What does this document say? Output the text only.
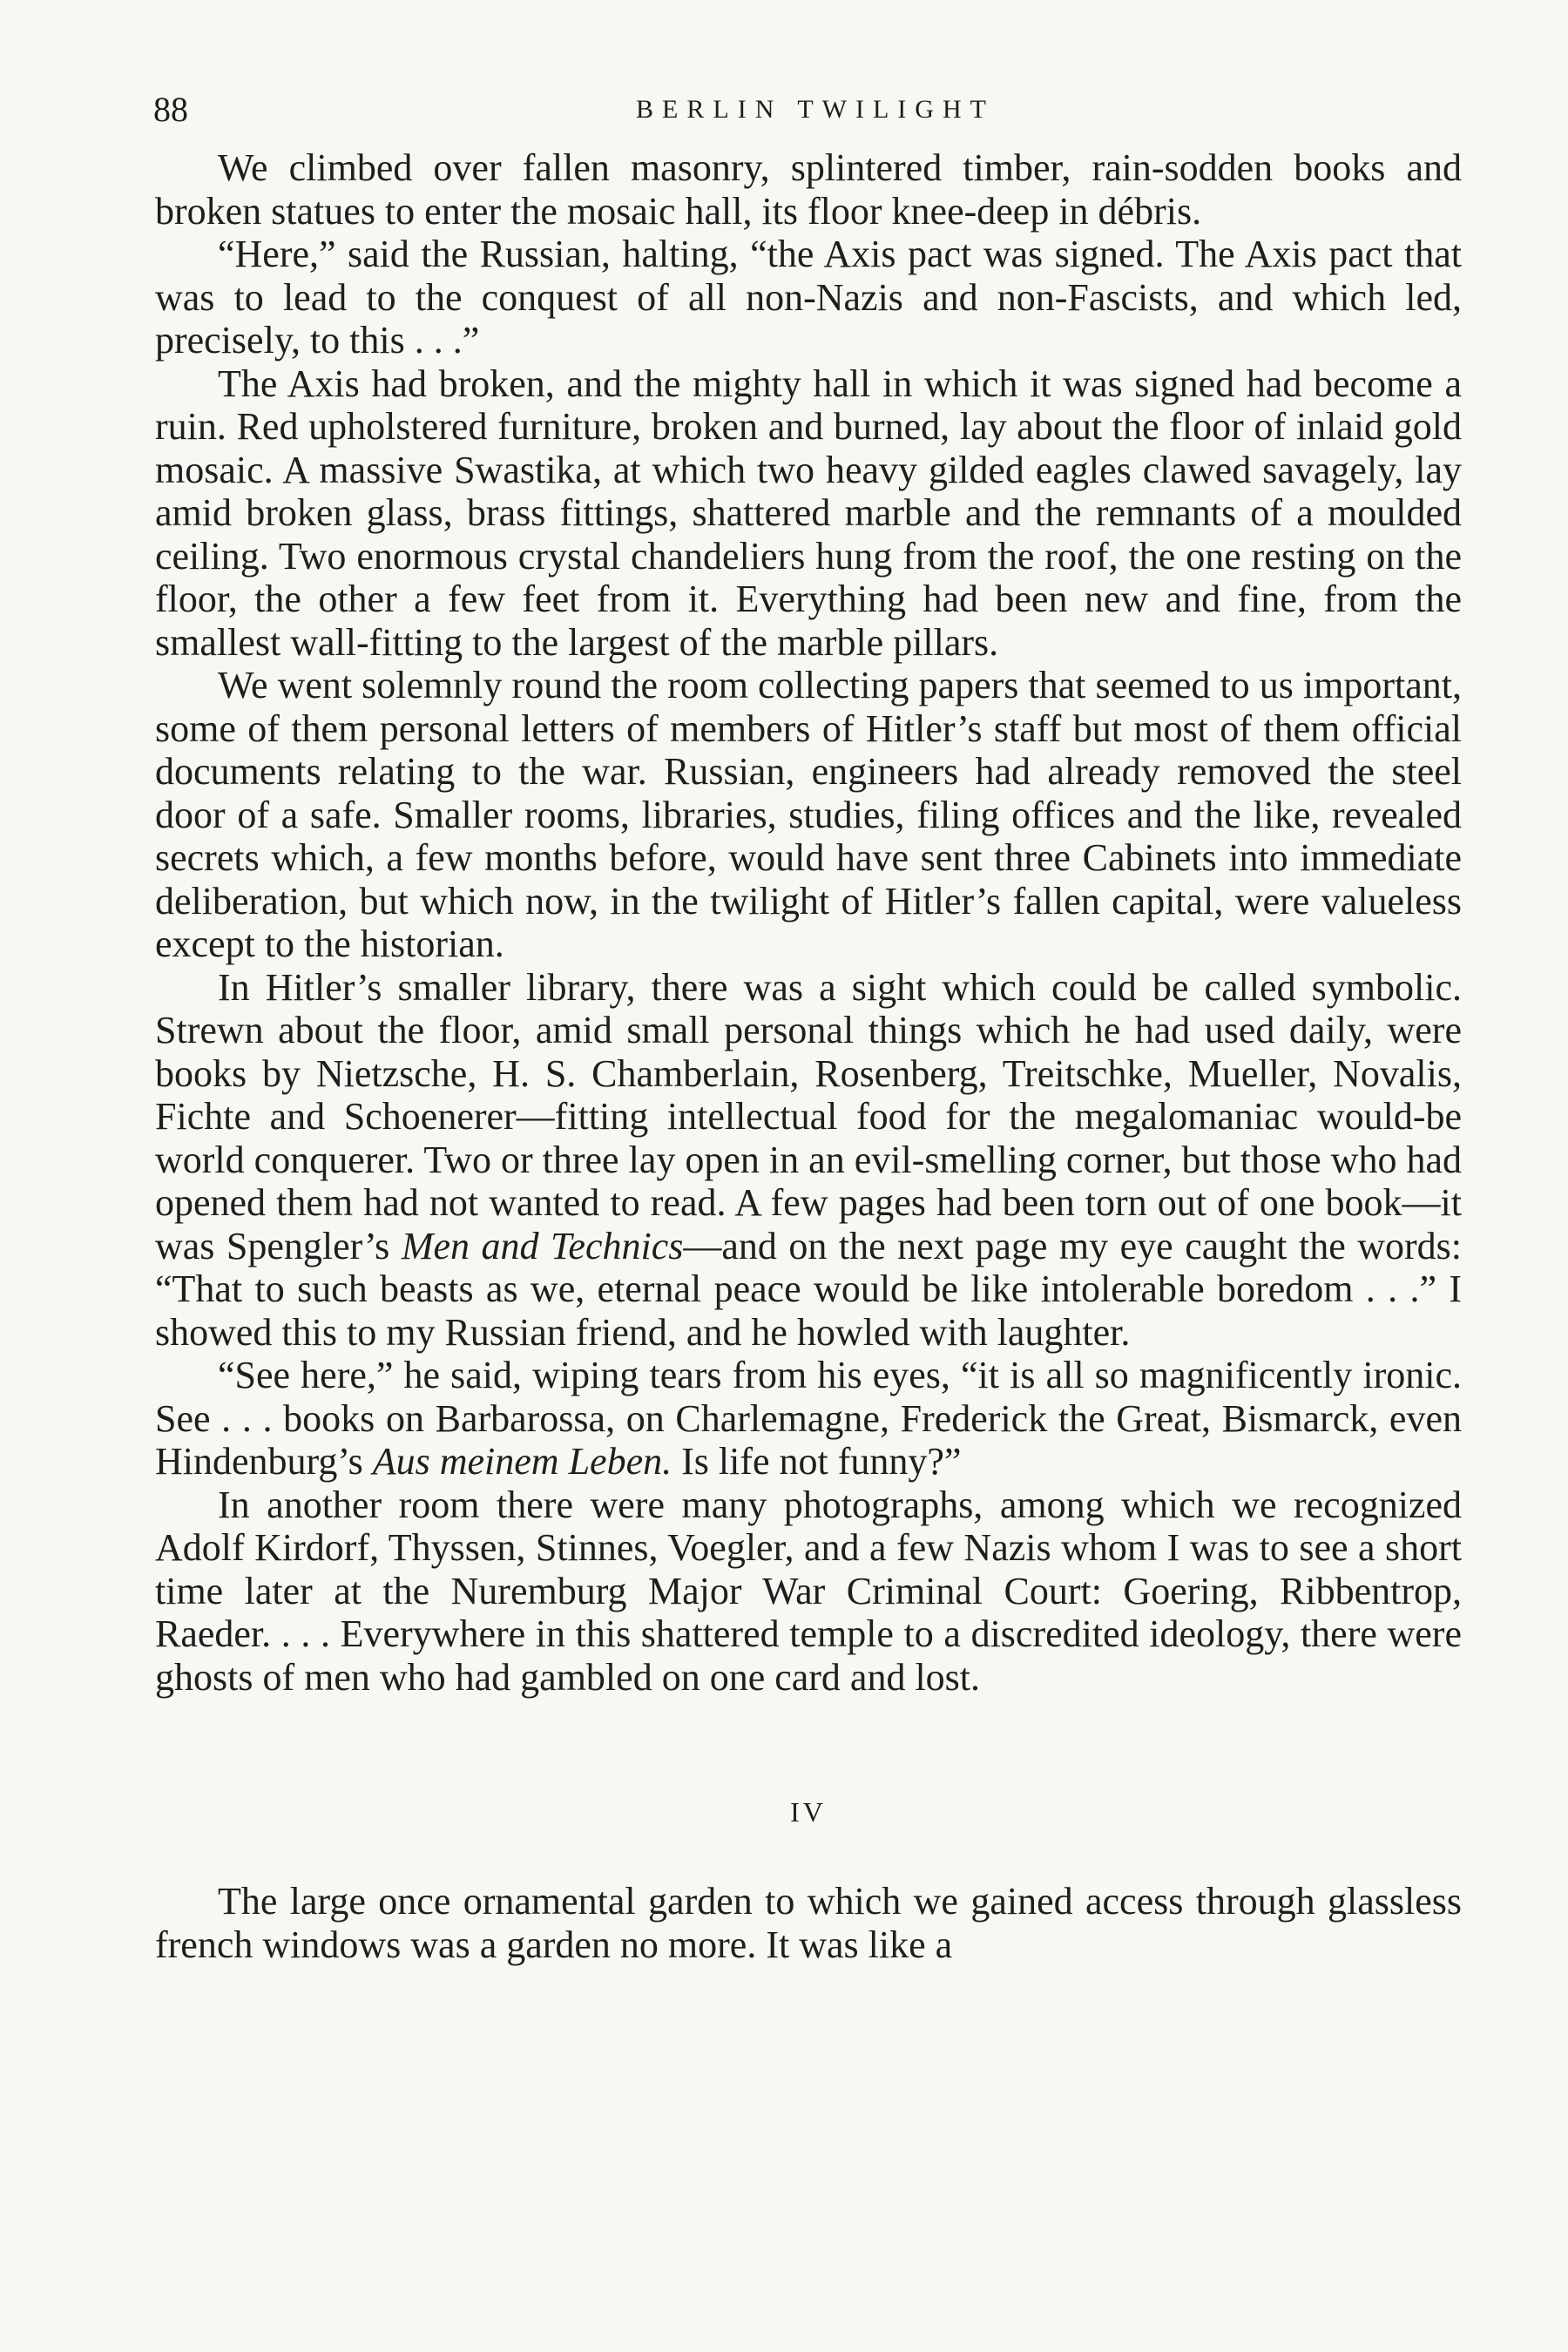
88	BERLIN TWILIGHT

We climbed over fallen masonry, splintered timber, rain-sodden books and broken statues to enter the mosaic hall, its floor knee-deep in débris.

“Here,” said the Russian, halting, “the Axis pact was signed. The Axis pact that was to lead to the conquest of all non-Nazis and non-Fascists, and which led, precisely, to this . . .”

The Axis had broken, and the mighty hall in which it was signed had become a ruin. Red upholstered furniture, broken and burned, lay about the floor of inlaid gold mosaic. A massive Swastika, at which two heavy gilded eagles clawed savagely, lay amid broken glass, brass fittings, shattered marble and the remnants of a moulded ceiling. Two enormous crystal chandeliers hung from the roof, the one resting on the floor, the other a few feet from it. Everything had been new and fine, from the smallest wall-fitting to the largest of the marble pillars.

We went solemnly round the room collecting papers that seemed to us important, some of them personal letters of members of Hitler’s staff but most of them official documents relating to the war. Russian, engineers had already removed the steel door of a safe. Smaller rooms, libraries, studies, filing offices and the like, revealed secrets which, a few months before, would have sent three Cabinets into immediate deliberation, but which now, in the twilight of Hitler’s fallen capital, were valueless except to the historian.

In Hitler’s smaller library, there was a sight which could be called symbolic. Strewn about the floor, amid small personal things which he had used daily, were books by Nietzsche, H. S. Chamberlain, Rosenberg, Treitschke, Mueller, Novalis, Fichte and Schoenerer—fitting intellectual food for the megalomaniac would-be world conquerer. Two or three lay open in an evil-smelling corner, but those who had opened them had not wanted to read. A few pages had been torn out of one book—it was Spengler’s Men and Technics—and on the next page my eye caught the words: “That to such beasts as we, eternal peace would be like intolerable boredom . . .” I showed this to my Russian friend, and he howled with laughter.

“See here,” he said, wiping tears from his eyes, “it is all so magnificently ironic. See . . . books on Barbarossa, on Charlemagne, Frederick the Great, Bismarck, even Hindenburg’s Aus meinem Leben. Is life not funny?”

In another room there were many photographs, among which we recognized Adolf Kirdorf, Thyssen, Stinnes, Voegler, and a few Nazis whom I was to see a short time later at the Nuremburg Major War Criminal Court: Goering, Ribbentrop, Raeder. . . . Everywhere in this shattered temple to a discredited ideology, there were ghosts of men who had gambled on one card and lost.

IV

The large once ornamental garden to which we gained access through glassless french windows was a garden no more. It was like a
